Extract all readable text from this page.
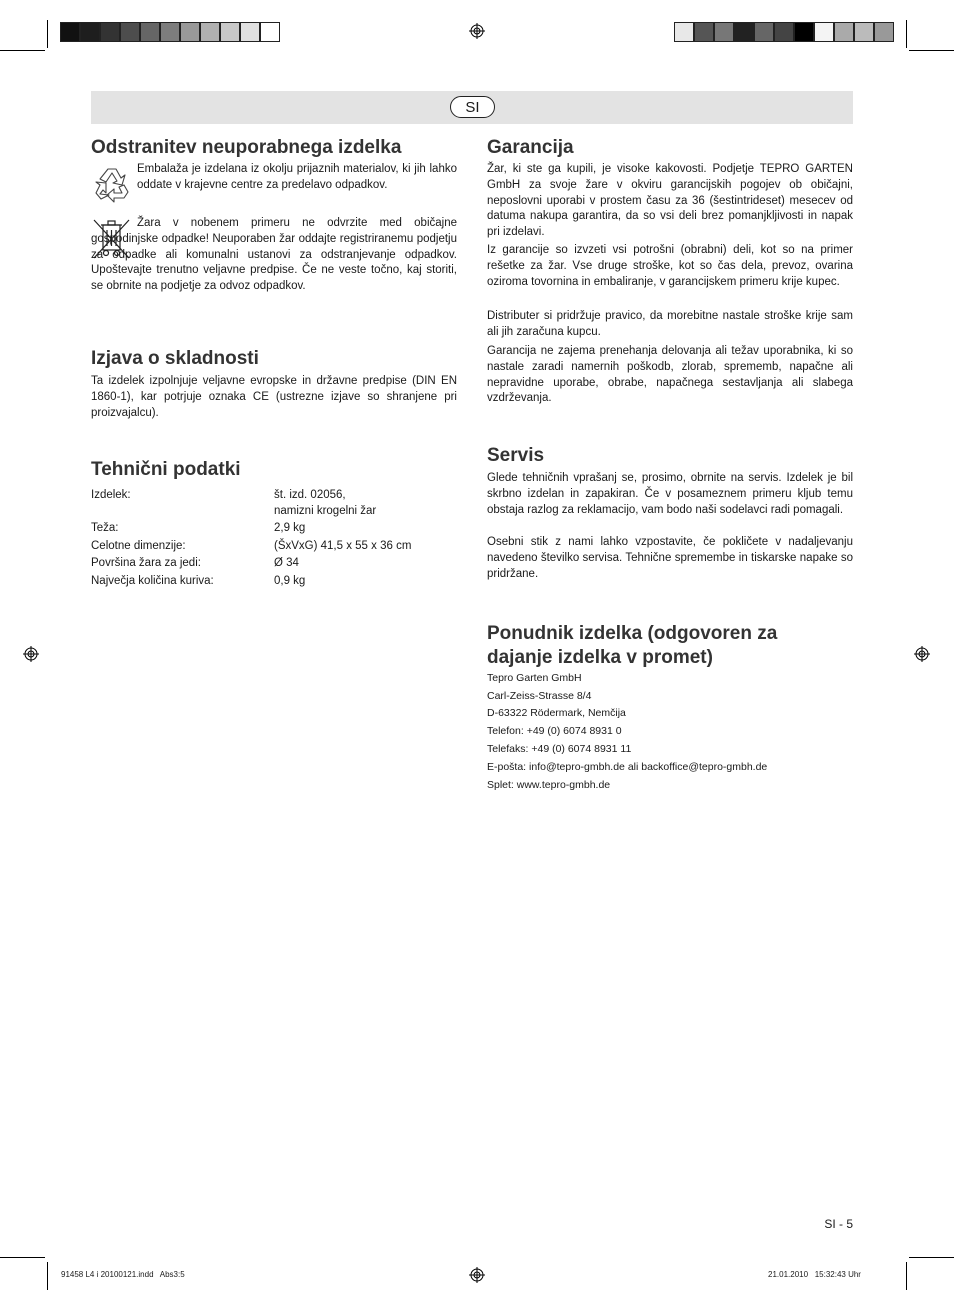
SI
Odstranitev neuporabnega izdelka

Embalaža je izdelana iz okolju prijaznih materialov, ki jih lahko oddate v krajevne centre za predelavo odpadkov.

Žara v nobenem primeru ne odvrzite med običajne gospodinjske odpadke! Neuporaben žar oddajte registriranemu podjetju za odpadke ali komunalni ustanovi za odstranjevanje odpadkov. Upoštevajte trenutno veljavne predpise. Če ne veste točno, kaj storiti, se obrnite na podjetje za odvoz odpadkov.

Izjava o skladnosti

Ta izdelek izpolnjuje veljavne evropske in državne predpise (DIN EN 1860-1), kar potrjuje oznaka CE (ustrezne izjave so shranjene pri proizvajalcu).

Tehnični podatki
Izdelek:	št. izd. 02056,
namizni krogelni žar
Teža:	2,9 kg
Celotne dimenzije:	(ŠxVxG) 41,5 x 55 x 36 cm
Površina žara za jedi:	Ø 34
Največja količina kuriva:	0,9 kg
Garancija

Žar, ki ste ga kupili, je visoke kakovosti. Podjetje TEPRO GARTEN GmbH za svoje žare v okviru garancijskih pogojev ob običajni, neposlovni uporabi v prostem času za 36 (šestintrideset) mesecev od datuma nakupa garantira, da so vsi deli brez pomanjkljivosti in napak pri izdelavi.

Iz garancije so izvzeti vsi potrošni (obrabni) deli, kot so na primer rešetke za žar. Vse druge stroške, kot so čas dela, prevoz, ovarina oziroma tovornina in embaliranje, v garancijskem primeru krije kupec.

Distributer si pridržuje pravico, da morebitne nastale stroške krije sam ali jih zaračuna kupcu.

Garancija ne zajema prenehanja delovanja ali težav uporabnika, ki so nastale zaradi namernih poškodb, zlorab, sprememb, napačne ali nepravidne uporabe, obrabe, napačnega sestavljanja ali slabega vzdrževanja.

Servis

Glede tehničnih vprašanj se, prosimo, obrnite na servis. Izdelek je bil skrbno izdelan in zapakiran. Če v posameznem primeru kljub temu obstaja razlog za reklamacijo, vam bodo naši sodelavci radi pomagali.

Osebni stik z nami lahko vzpostavite, če pokličete v nadaljevanju navedeno številko servisa. Tehnične spremembe in tiskarske napake so pridržane.

Ponudnik izdelka (odgovoren za
dajanje izdelka v promet)
Tepro Garten GmbH
Carl-Zeiss-Strasse 8/4
D-63322 Rödermark, Nemčija
Telefon: +49 (0) 6074 8931 0
Telefaks: +49 (0) 6074 8931 11
E-pošta: info@tepro-gmbh.de ali backoffice@tepro-gmbh.de
Splet: www.tepro-gmbh.de
SI - 5
91458 L4 i 20100121.indd   Abs3:5	21.01.2010   15:32:43 Uhr
